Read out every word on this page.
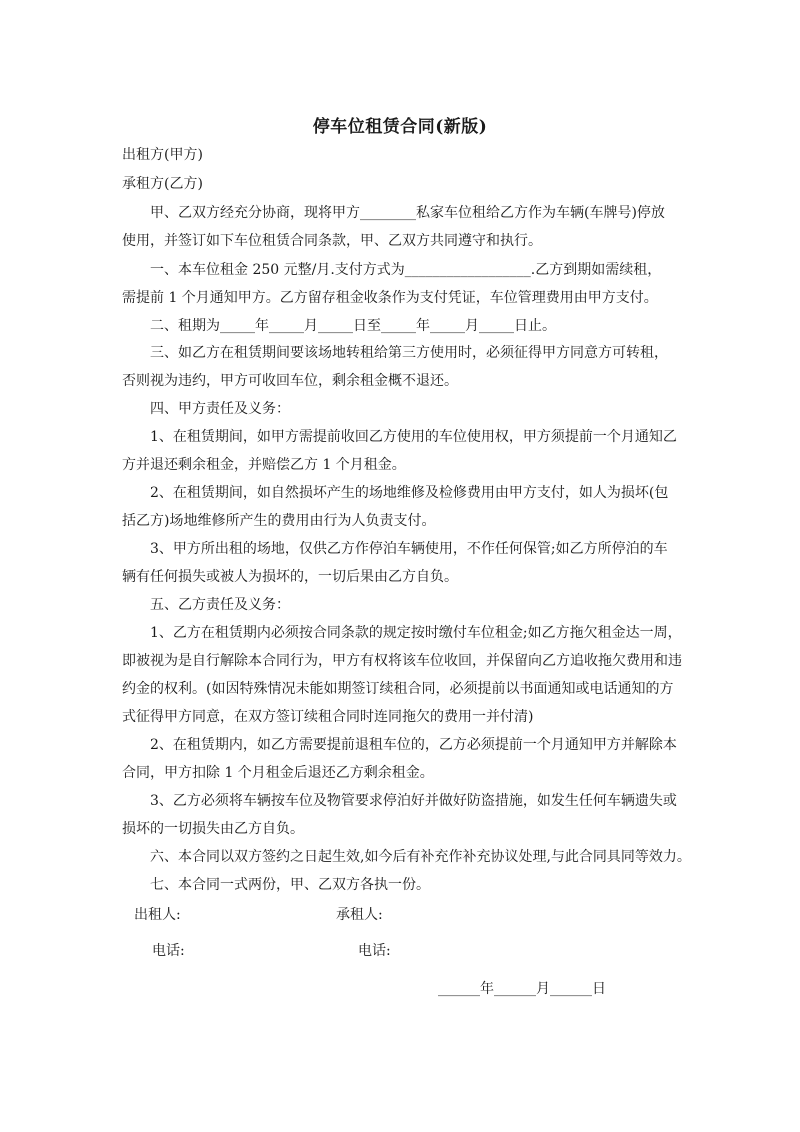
停车位租赁合同(新版)
出租方(甲方)
承租方(乙方)
甲、乙双方经充分协商，现将甲方________私家车位租给乙方作为车辆(车牌号)停放
使用，并签订如下车位租赁合同条款，甲、乙双方共同遵守和执行。
一、本车位租金 250 元整/月.支付方式为__________________.乙方到期如需续租，
需提前 1 个月通知甲方。乙方留存租金收条作为支付凭证，车位管理费用由甲方支付。
二、租期为_____年_____月_____日至_____年_____月_____日止。
三、如乙方在租赁期间要该场地转租给第三方使用时，必须征得甲方同意方可转租，
否则视为违约，甲方可收回车位，剩余租金概不退还。
四、甲方责任及义务：
1、在租赁期间，如甲方需提前收回乙方使用的车位使用权，甲方须提前一个月通知乙
方并退还剩余租金，并赔偿乙方 1 个月租金。
2、在租赁期间，如自然损坏产生的场地维修及检修费用由甲方支付，如人为损坏(包
括乙方)场地维修所产生的费用由行为人负责支付。
3、甲方所出租的场地，仅供乙方作停泊车辆使用，不作任何保管;如乙方所停泊的车
辆有任何损失或被人为损坏的，一切后果由乙方自负。
五、乙方责任及义务：
1、乙方在租赁期内必须按合同条款的规定按时缴付车位租金;如乙方拖欠租金达一周，
即被视为是自行解除本合同行为，甲方有权将该车位收回，并保留向乙方追收拖欠费用和违
约金的权利。(如因特殊情况未能如期签订续租合同，必须提前以书面通知或电话通知的方
式征得甲方同意，在双方签订续租合同时连同拖欠的费用一并付清)
2、在租赁期内，如乙方需要提前退租车位的，乙方必须提前一个月通知甲方并解除本
合同，甲方扣除 1 个月租金后退还乙方剩余租金。
3、乙方必须将车辆按车位及物管要求停泊好并做好防盗措施，如发生任何车辆遗失或
损坏的一切损失由乙方自负。
六、本合同以双方签约之日起生效,如今后有补充作补充协议处理,与此合同具同等效力。
七、本合同一式两份，甲、乙双方各执一份。
出租人:	承租人:
电话:	电话:
______年______月______日
